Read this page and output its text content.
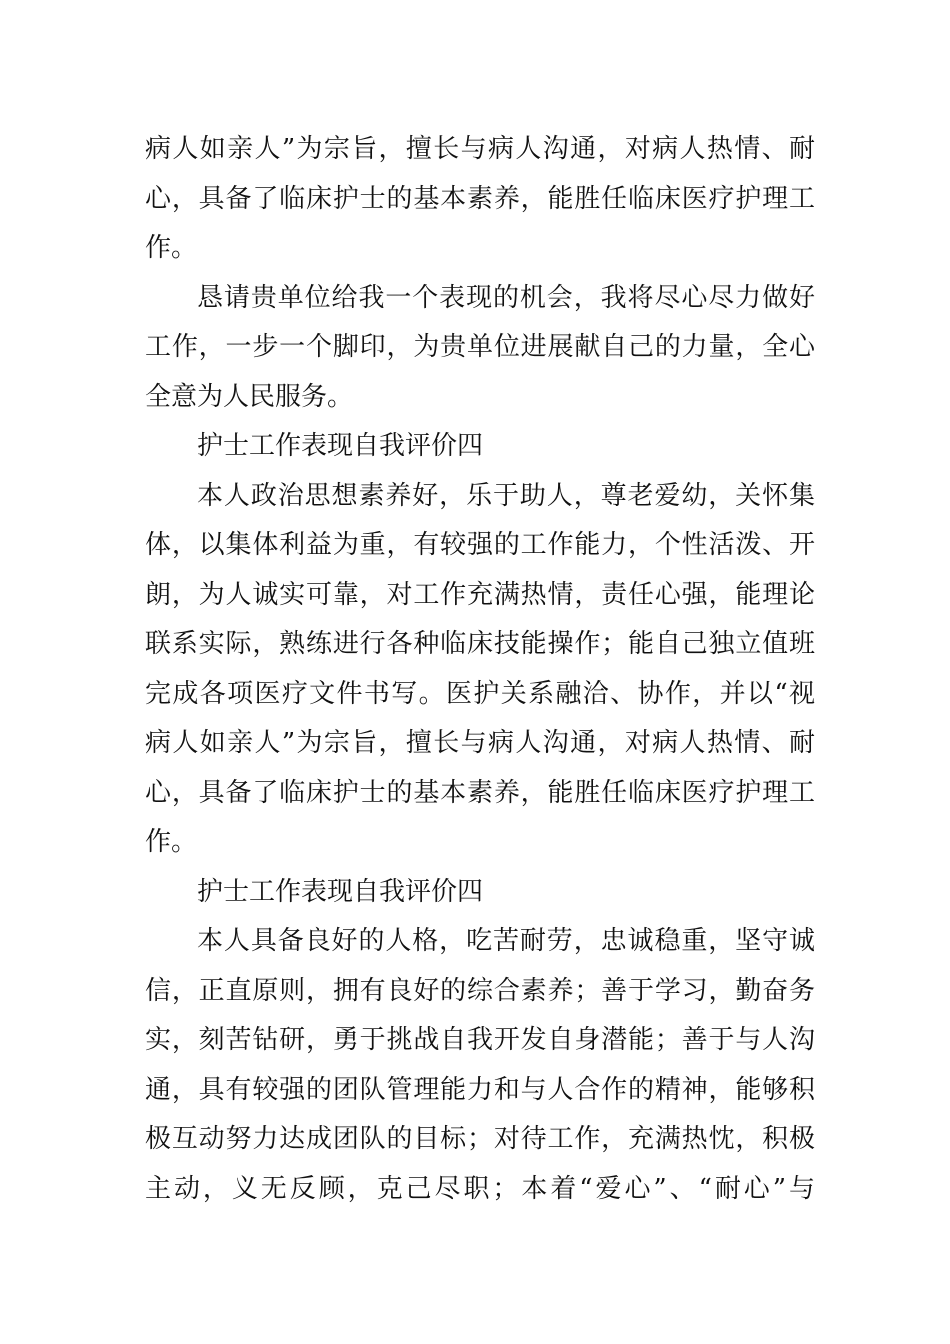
病人如亲人”为宗旨，擅长与病人沟通，对病人热情、耐
心，具备了临床护士的基本素养，能胜任临床医疗护理工
作。
恳请贵单位给我一个表现的机会，我将尽心尽力做好
工作，一步一个脚印，为贵单位进展献自己的力量，全心
全意为人民服务。
护士工作表现自我评价四
本人政治思想素养好，乐于助人，尊老爱幼，关怀集
体，以集体利益为重，有较强的工作能力，个性活泼、开
朗，为人诚实可靠，对工作充满热情，责任心强，能理论
联系实际，熟练进行各种临床技能操作；能自己独立值班
完成各项医疗文件书写。医护关系融洽、协作，并以“视
病人如亲人”为宗旨，擅长与病人沟通，对病人热情、耐
心，具备了临床护士的基本素养，能胜任临床医疗护理工
作。
护士工作表现自我评价四
本人具备良好的人格，吃苦耐劳，忠诚稳重，坚守诚
信，正直原则，拥有良好的综合素养；善于学习，勤奋务
实，刻苦钻研，勇于挑战自我开发自身潜能；善于与人沟
通，具有较强的团队管理能力和与人合作的精神，能够积
极互动努力达成团队的目标；对待工作，充满热忱，积极
主动，义无反顾，克己尽职；本着“爱心”、“耐心”与
